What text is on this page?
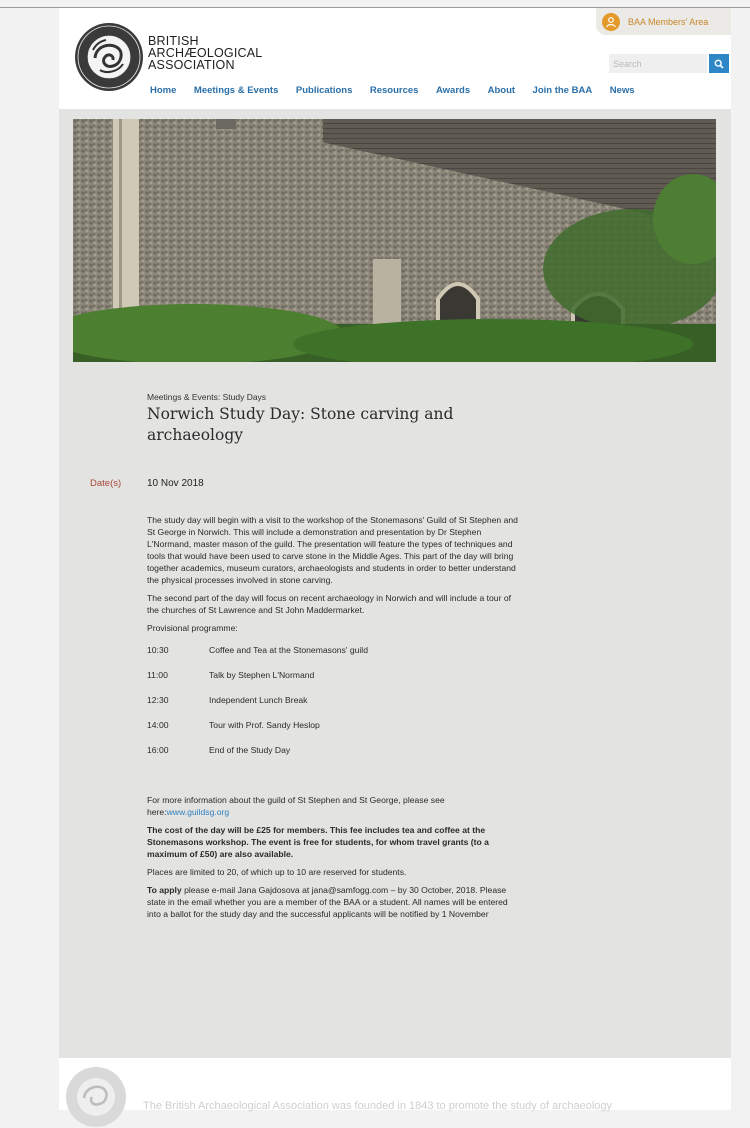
BRITISH
ARCHÆOLOGICAL
ASSOCIATION
BAA Members' Area
Search
Home Meetings & Events Publications Resources Awards About Join the BAA News
Meetings & Events: Study Days
Norwich Study Day: Stone carving and archaeology
Date(s)	10 Nov 2018

The study day will begin with a visit to the workshop of the Stonemasons' Guild of St Stephen and St George in Norwich. This will include a demonstration and presentation by Dr Stephen L'Normand, master mason of the guild. The presentation will feature the types of techniques and tools that would have been used to carve stone in the Middle Ages. This part of the day will bring together academics, museum curators, archaeologists and students in order to better understand the physical processes involved in stone carving.

The second part of the day will focus on recent archaeology in Norwich and will include a tour of the churches of St Lawrence and St John Maddermarket.

Provisional programme:

10:30	Coffee and Tea at the Stonemasons' guild
11:00	Talk by Stephen L'Normand
12:30	Independent Lunch Break
14:00	Tour with Prof. Sandy Heslop
16:00	End of the Study Day

For more information about the guild of St Stephen and St George, please see here:www.guildsg.org

The cost of the day will be £25 for members. This fee includes tea and coffee at the Stonemasons workshop. The event is free for students, for whom travel grants (to a maximum of £50) are also available.

Places are limited to 20, of which up to 10 are reserved for students.

To apply please e-mail Jana Gajdosova at jana@samfogg.com – by 30 October, 2018. Please state in the email whether you are a member of the BAA or a student. All names will be entered into a ballot for the study day and the successful applicants will be notified by 1 November

The British Archaeological Association was founded in 1843 to promote the study of archaeology
